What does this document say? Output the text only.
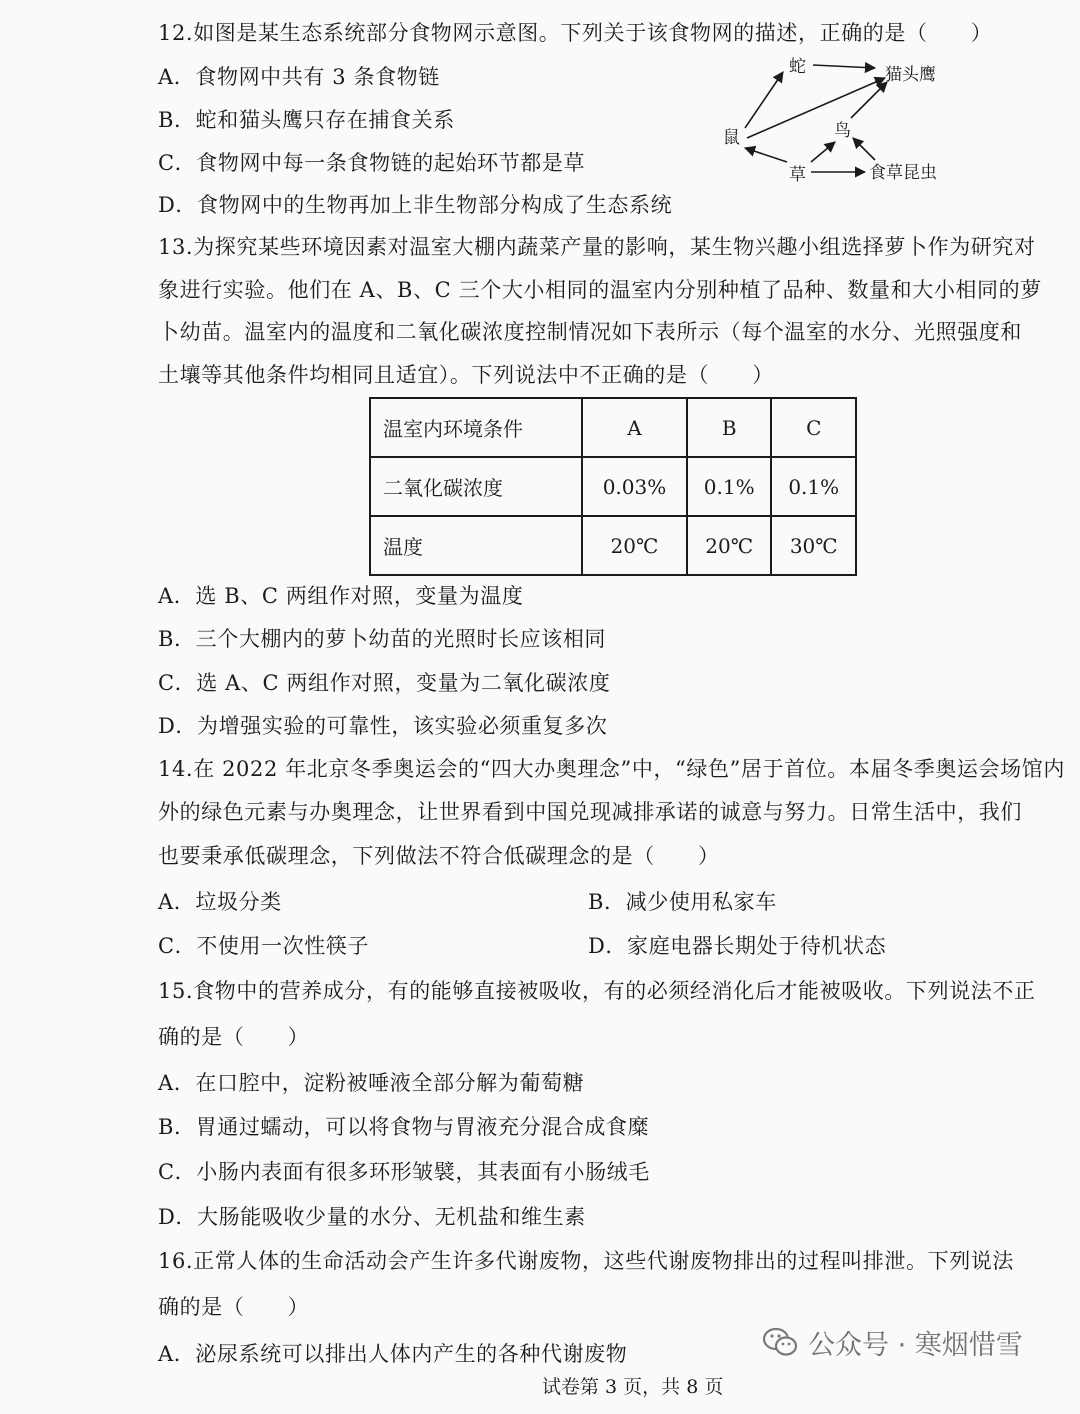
12.如图是某生态系统部分食物网示意图。下列关于该食物网的描述，正确的是（　　）
A．食物网中共有 3 条食物链
B．蛇和猫头鹰只存在捕食关系
C．食物网中每一条食物链的起始环节都是草
D．食物网中的生物再加上非生物部分构成了生态系统
蛇	猫头鹰
鼠	鸟
草	食草昆虫
13.为探究某些环境因素对温室大棚内蔬菜产量的影响，某生物兴趣小组选择萝卜作为研究对
象进行实验。他们在 A、B、C 三个大小相同的温室内分别种植了品种、数量和大小相同的萝
卜幼苗。温室内的温度和二氧化碳浓度控制情况如下表所示（每个温室的水分、光照强度和
土壤等其他条件均相同且适宜）。下列说法中不正确的是（　　）
温室内环境条件	A	B	C
二氧化碳浓度	0.03%	0.1%	0.1%
温度	20℃	20℃	30℃
A．选 B、C 两组作对照，变量为温度
B．三个大棚内的萝卜幼苗的光照时长应该相同
C．选 A、C 两组作对照，变量为二氧化碳浓度
D．为增强实验的可靠性，该实验必须重复多次
14.在 2022 年北京冬季奥运会的“四大办奥理念”中，“绿色”居于首位。本届冬季奥运会场馆内
外的绿色元素与办奥理念，让世界看到中国兑现减排承诺的诚意与努力。日常生活中，我们
也要秉承低碳理念，下列做法不符合低碳理念的是（　　）
A．垃圾分类	B．减少使用私家车
C．不使用一次性筷子	D．家庭电器长期处于待机状态
15.食物中的营养成分，有的能够直接被吸收，有的必须经消化后才能被吸收。下列说法不正
确的是（　　）
A．在口腔中，淀粉被唾液全部分解为葡萄糖
B．胃通过蠕动，可以将食物与胃液充分混合成食糜
C．小肠内表面有很多环形皱襞，其表面有小肠绒毛
D．大肠能吸收少量的水分、无机盐和维生素
16.正常人体的生命活动会产生许多代谢废物，这些代谢废物排出的过程叫排泄。下列说法
确的是（　　）
A．泌尿系统可以排出人体内产生的各种代谢废物	公众号 · 寒烟惜雪
试卷第 3 页，共 8 页
